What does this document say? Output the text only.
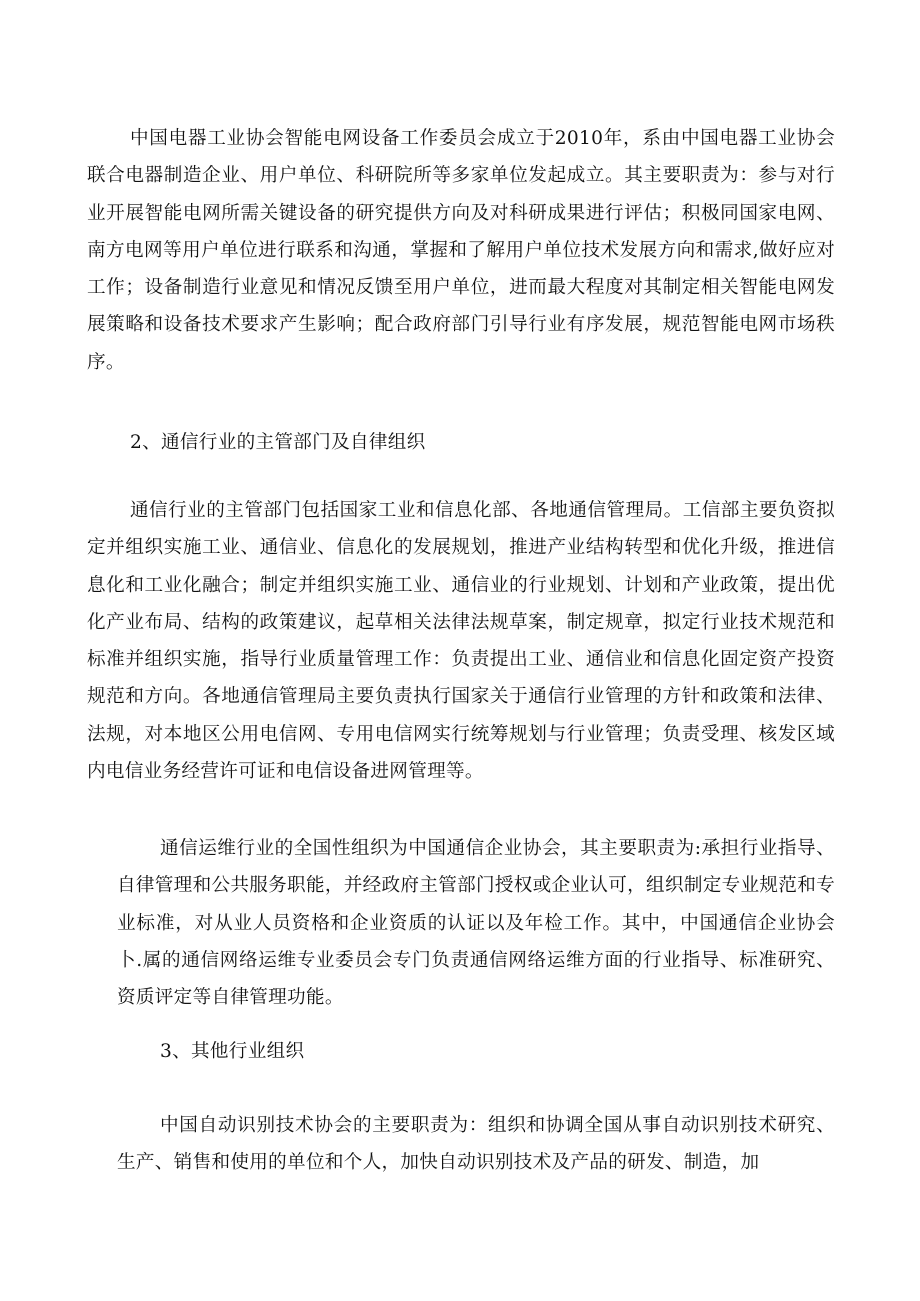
中国电器工业协会智能电网设备工作委员会成立于2010年，系由中国电器工业协会联合电器制造企业、用户单位、科研院所等多家单位发起成立。其主要职责为：参与对行业开展智能电网所需关键设备的研究提供方向及对科研成果进行评估；积极同国家电网、南方电网等用户单位进行联系和沟通，掌握和了解用户单位技术发展方向和需求,做好应对工作；设备制造行业意见和情况反馈至用户单位，进而最大程度对其制定相关智能电网发展策略和设备技术要求产生影响；配合政府部门引导行业有序发展，规范智能电网市场秩序。

2、通信行业的主管部门及自律组织

通信行业的主管部门包括国家工业和信息化部、各地通信管理局。工信部主要负资拟定并组织实施工业、通信业、信息化的发展规划，推进产业结构转型和优化升级，推进信息化和工业化融合；制定并组织实施工业、通信业的行业规划、计划和产业政策，提出优化产业布局、结构的政策建议，起草相关法律法规草案，制定规章，拟定行业技术规范和标准并组织实施，指导行业质量管理工作：负责提出工业、通信业和信息化固定资产投资规范和方向。各地通信管理局主要负责执行国家关于通信行业管理的方针和政策和法律、法规，对本地区公用电信网、专用电信网实行统筹规划与行业管理；负责受理、核发区域内电信业务经营许可证和电信设备进网管理等。

通信运维行业的全国性组织为中国通信企业协会，其主要职责为:承担行业指导、自律管理和公共服务职能，并经政府主管部门授权或企业认可，组织制定专业规范和专业标准，对从业人员资格和企业资质的认证以及年检工作。其中，中国通信企业协会卜.属的通信网络运维专业委员会专门负责通信网络运维方面的行业指导、标准研究、资质评定等自律管理功能。

3、其他行业组织

中国自动识别技术协会的主要职责为：组织和协调全国从事自动识别技术研究、生产、销售和使用的单位和个人，加快自动识别技术及产品的研发、制造，加
